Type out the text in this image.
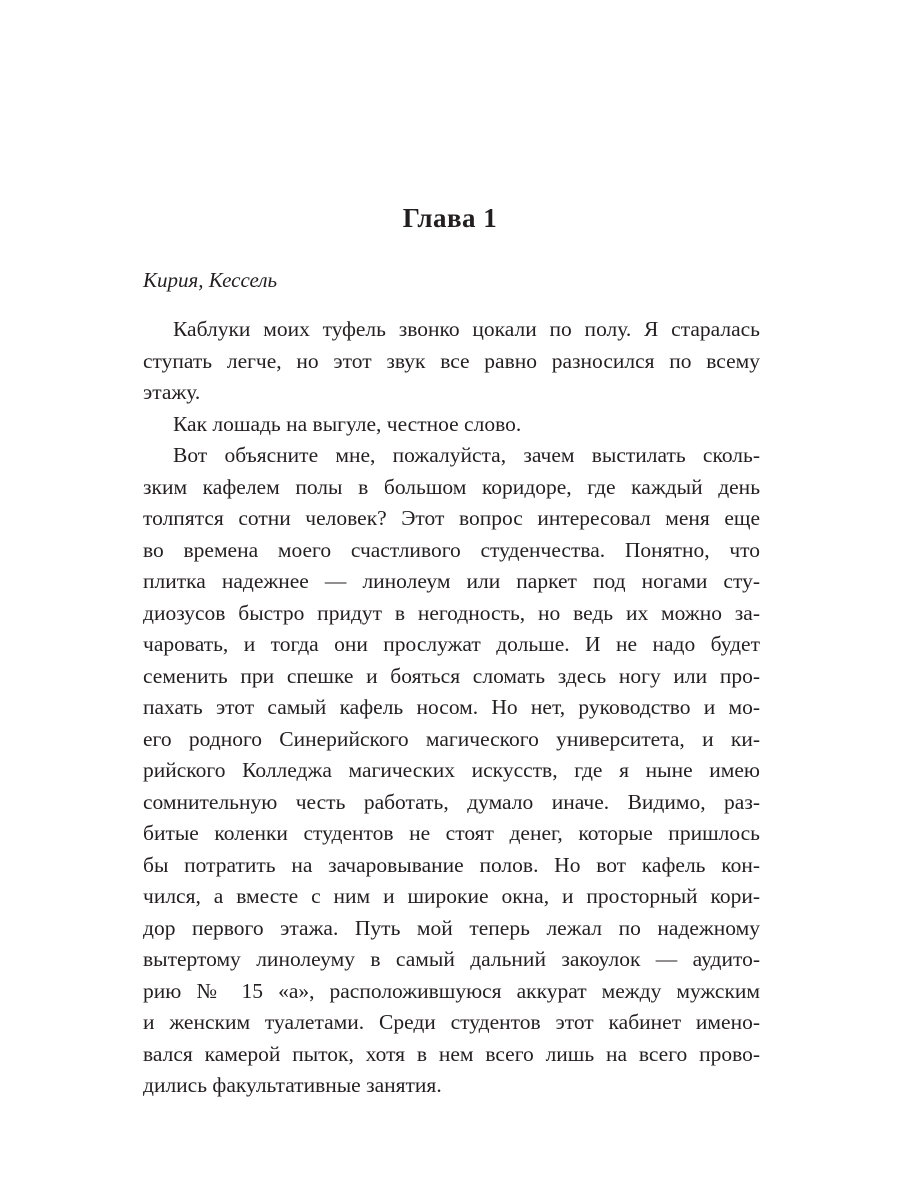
Глава 1

Кирия, Кессель

Каблуки моих туфель звонко цокали по полу. Я старалась
ступать легче, но этот звук все равно разносился по всему
этажу.
Как лошадь на выгуле, честное слово.
Вот объясните мне, пожалуйста, зачем выстилать сколь-
зким кафелем полы в большом коридоре, где каждый день
толпятся сотни человек? Этот вопрос интересовал меня еще
во времена моего счастливого студенчества. Понятно, что
плитка надежнее — линолеум или паркет под ногами сту-
диозусов быстро придут в негодность, но ведь их можно за-
чаровать, и тогда они прослужат дольше. И не надо будет
семенить при спешке и бояться сломать здесь ногу или про-
пахать этот самый кафель носом. Но нет, руководство и мо-
его родного Синерийского магического университета, и ки-
рийского Колледжа магических искусств, где я ныне имею
сомнительную честь работать, думало иначе. Видимо, раз-
битые коленки студентов не стоят денег, которые пришлось
бы потратить на зачаровывание полов. Но вот кафель кон-
чился, а вместе с ним и широкие окна, и просторный кори-
дор первого этажа. Путь мой теперь лежал по надежному
вытертому линолеуму в самый дальний закоулок — аудито-
рию № 15 «а», расположившуюся аккурат между мужским
и женским туалетами. Среди студентов этот кабинет имено-
вался камерой пыток, хотя в нем всего лишь на всего прово-
дились факультативные занятия.
